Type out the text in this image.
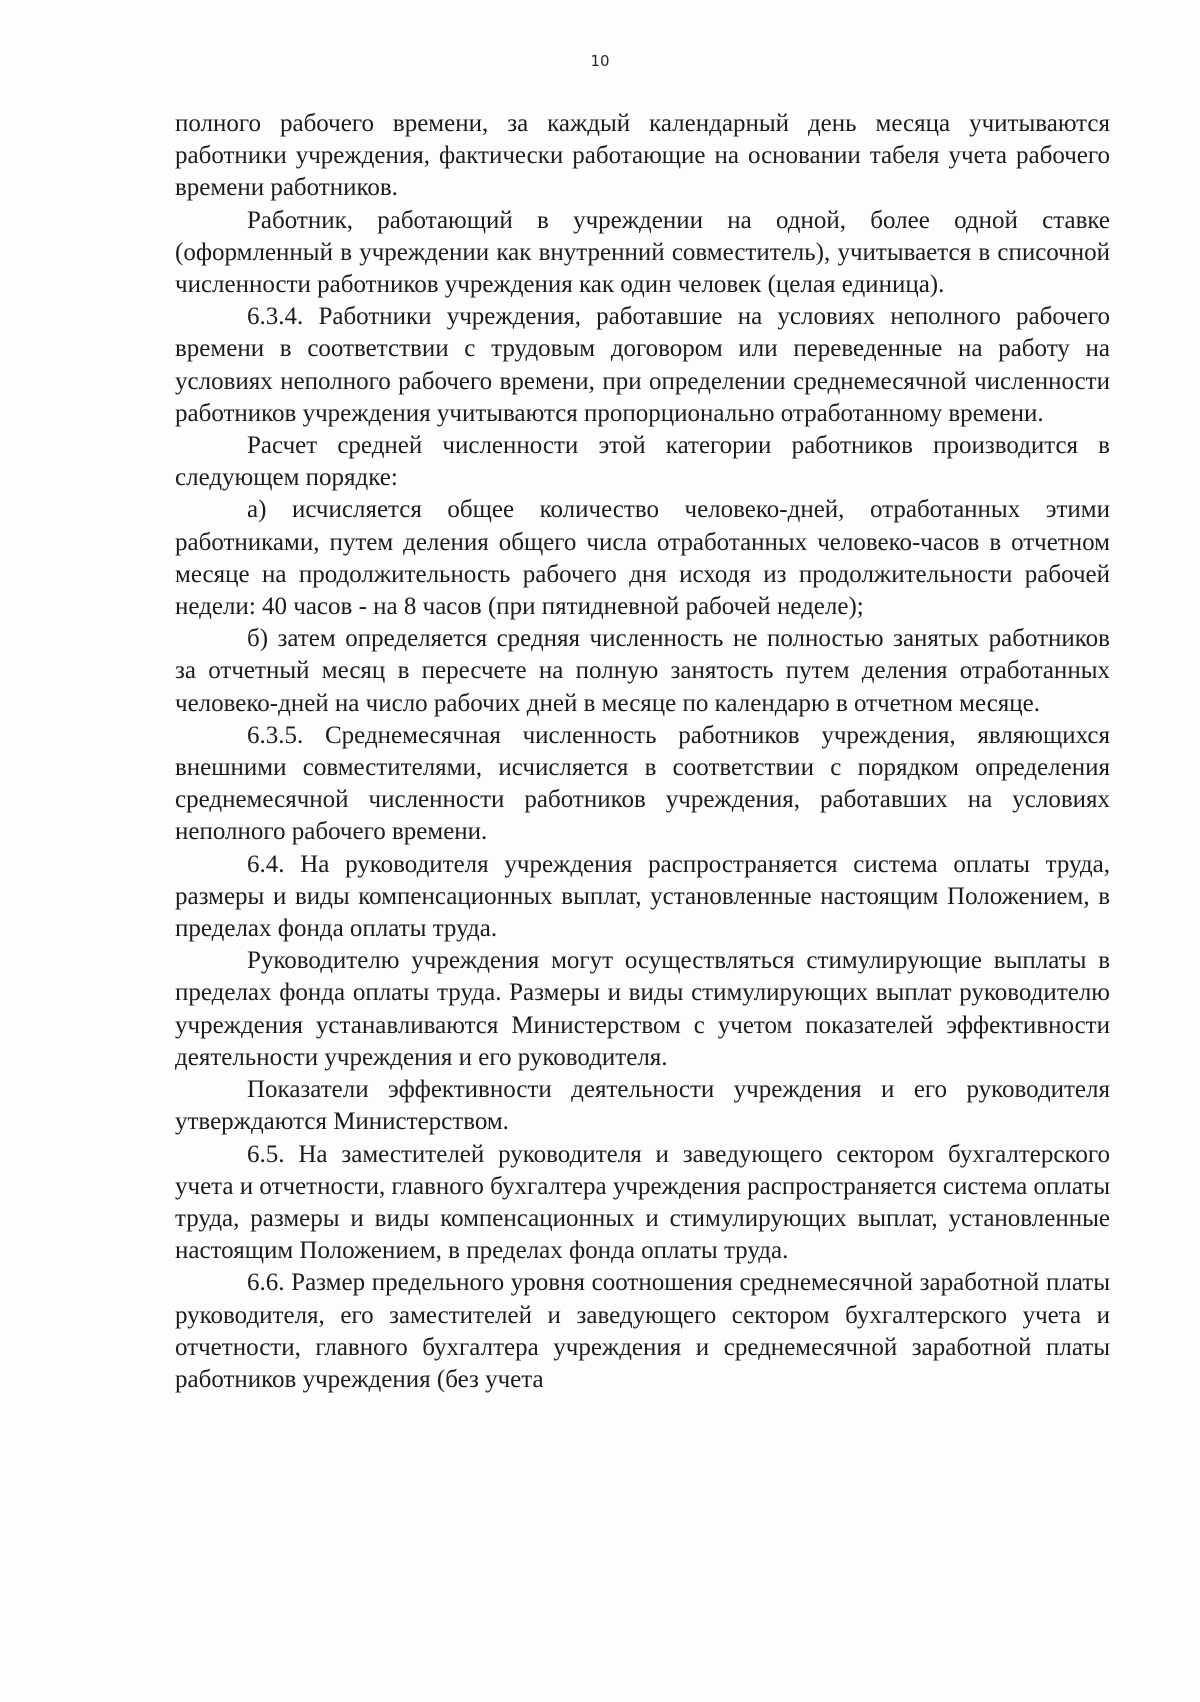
10

полного рабочего времени, за каждый календарный день месяца учитываются работники учреждения, фактически работающие на основании табеля учета рабочего времени работников.

Работник, работающий в учреждении на одной, более одной ставке (оформленный в учреждении как внутренний совместитель), учитывается в списочной численности работников учреждения как один человек (целая единица).

6.3.4. Работники учреждения, работавшие на условиях неполного рабочего времени в соответствии с трудовым договором или переведенные на работу на условиях неполного рабочего времени, при определении среднемесячной численности работников учреждения учитываются пропорционально отработанному времени.

Расчет средней численности этой категории работников производится в следующем порядке:

а) исчисляется общее количество человеко-дней, отработанных этими работниками, путем деления общего числа отработанных человеко-часов в отчетном месяце на продолжительность рабочего дня исходя из продолжительности рабочей недели: 40 часов - на 8 часов (при пятидневной рабочей неделе);

б) затем определяется средняя численность не полностью занятых работников за отчетный месяц в пересчете на полную занятость путем деления отработанных человеко-дней на число рабочих дней в месяце по календарю в отчетном месяце.

6.3.5. Среднемесячная численность работников учреждения, являющихся внешними совместителями, исчисляется в соответствии с порядком определения среднемесячной численности работников учреждения, работавших на условиях неполного рабочего времени.

6.4. На руководителя учреждения распространяется система оплаты труда, размеры и виды компенсационных выплат, установленные настоящим Положением, в пределах фонда оплаты труда.

Руководителю учреждения могут осуществляться стимулирующие выплаты в пределах фонда оплаты труда. Размеры и виды стимулирующих выплат руководителю учреждения устанавливаются Министерством с учетом показателей эффективности деятельности учреждения и его руководителя.

Показатели эффективности деятельности учреждения и его руководителя утверждаются Министерством.

6.5. На заместителей руководителя и заведующего сектором бухгалтерского учета и отчетности, главного бухгалтера учреждения распространяется система оплаты труда, размеры и виды компенсационных и стимулирующих выплат, установленные настоящим Положением, в пределах фонда оплаты труда.

6.6. Размер предельного уровня соотношения среднемесячной заработной платы руководителя, его заместителей и заведующего сектором бухгалтерского учета и отчетности, главного бухгалтера учреждения и среднемесячной заработной платы работников учреждения (без учета
